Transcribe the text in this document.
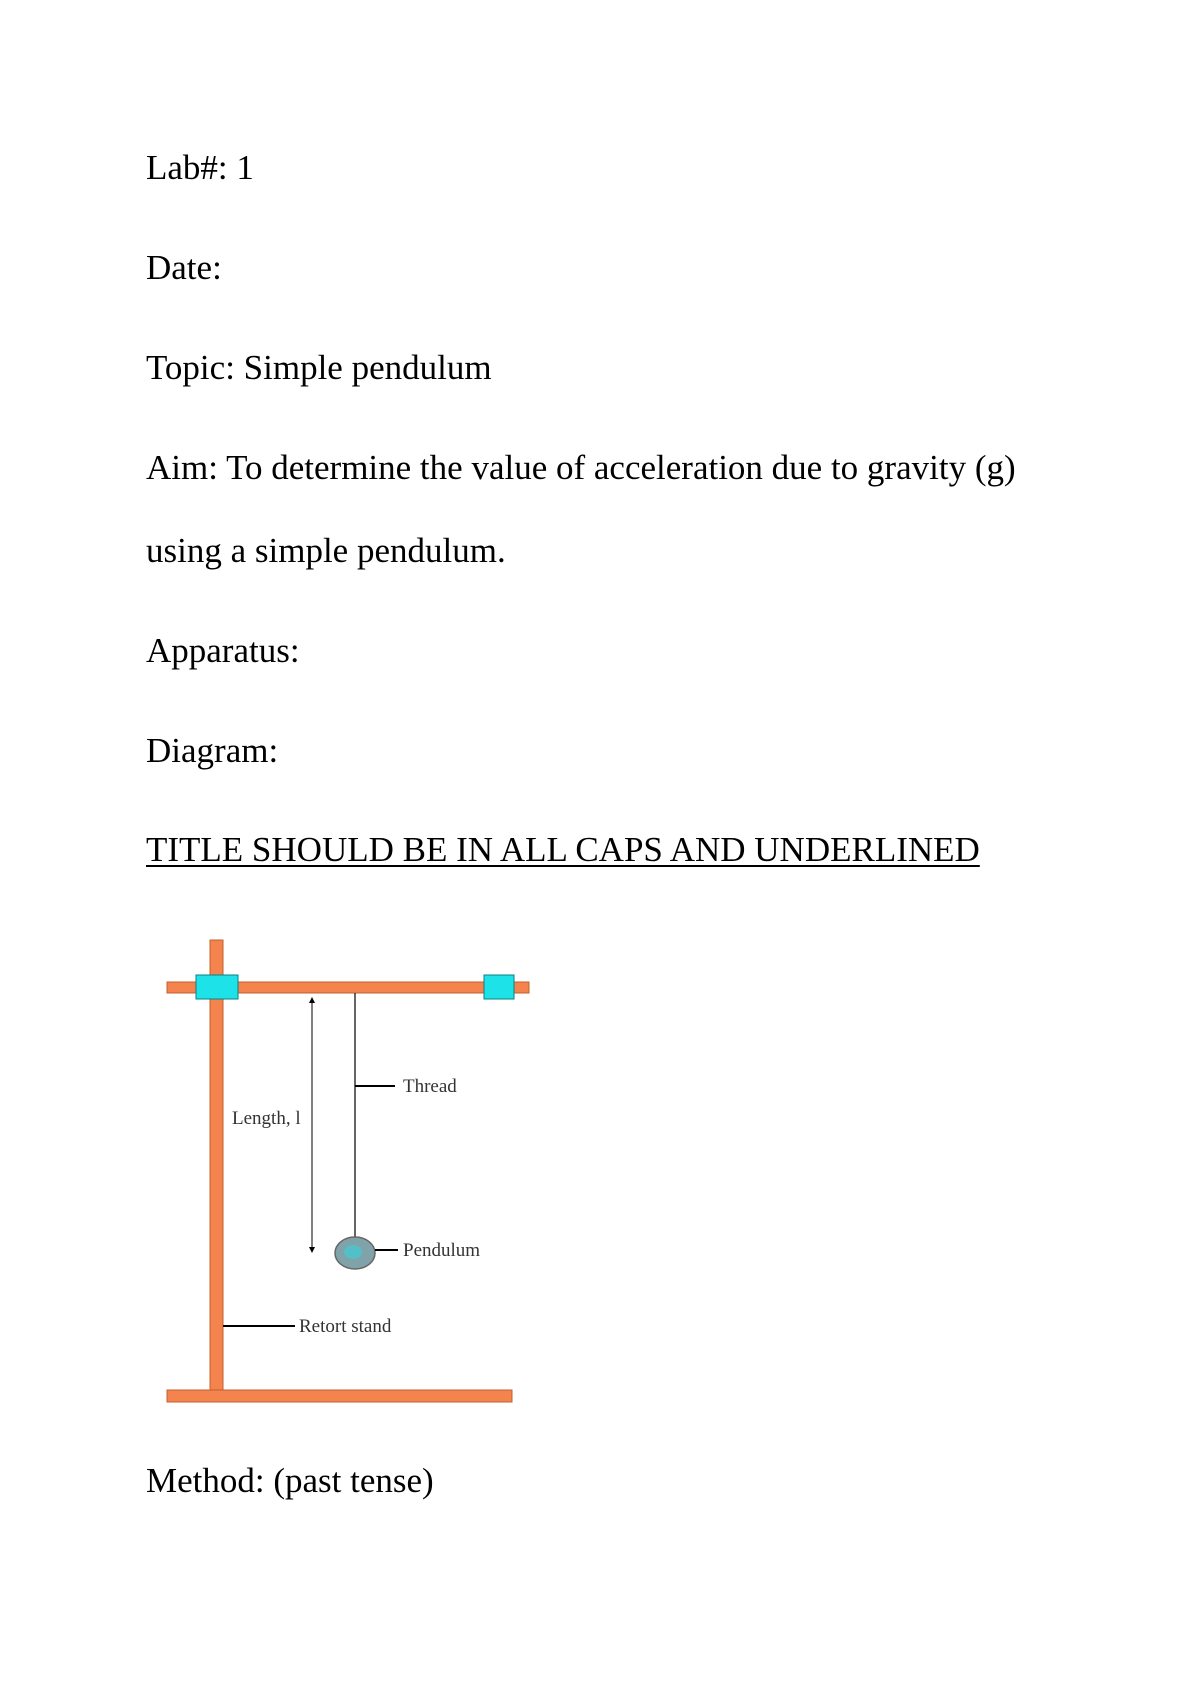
Lab#: 1
Date:
Topic: Simple pendulum
Aim: To determine the value of acceleration due to gravity (g)
using a simple pendulum.
Apparatus:
Diagram:
TITLE SHOULD BE IN ALL CAPS AND UNDERLINED
Thread
Length, l
Pendulum
Retort stand
Method: (past tense)
